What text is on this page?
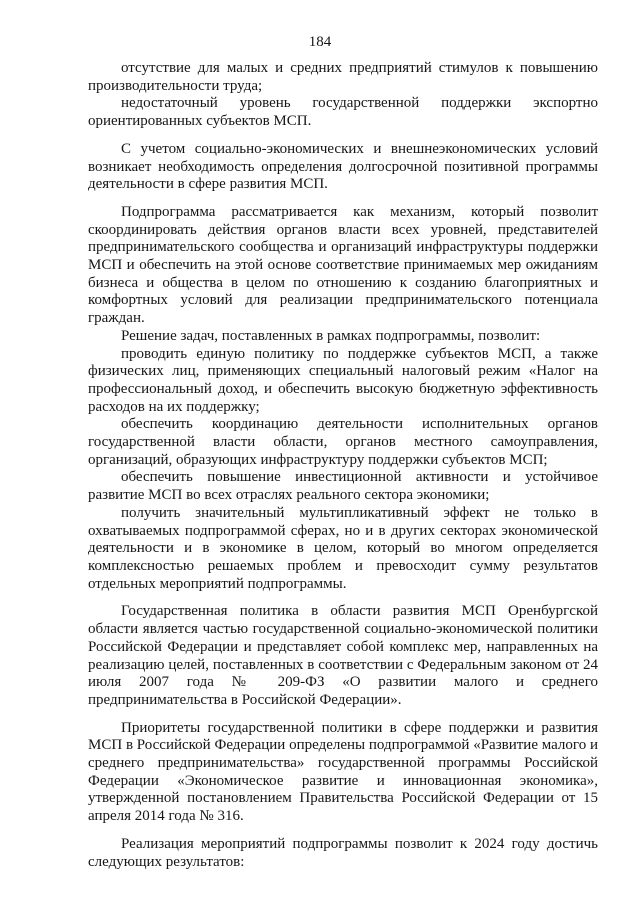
184

отсутствие для малых и средних предприятий стимулов к повышению производительности труда;

недостаточный уровень государственной поддержки экспортно ориентированных субъектов МСП.

С учетом социально-экономических и внешнеэкономических условий возникает необходимость определения долгосрочной позитивной программы деятельности в сфере развития МСП.

Подпрограмма рассматривается как механизм, который позволит скоординировать действия органов власти всех уровней, представителей предпринимательского сообщества и организаций инфраструктуры поддержки МСП и обеспечить на этой основе соответствие принимаемых мер ожиданиям бизнеса и общества в целом по отношению к созданию благоприятных и комфортных условий для реализации предпринимательского потенциала граждан.

Решение задач, поставленных в рамках подпрограммы, позволит:

проводить единую политику по поддержке субъектов МСП, а также физических лиц, применяющих специальный налоговый режим «Налог на профессиональный доход, и обеспечить высокую бюджетную эффективность расходов на их поддержку;

обеспечить координацию деятельности исполнительных органов государственной власти области, органов местного самоуправления, организаций, образующих инфраструктуру поддержки субъектов МСП;

обеспечить повышение инвестиционной активности и устойчивое развитие МСП во всех отраслях реального сектора экономики;

получить значительный мультипликативный эффект не только в охватываемых подпрограммой сферах, но и в других секторах экономической деятельности и в экономике в целом, который во многом определяется комплексностью решаемых проблем и превосходит сумму результатов отдельных мероприятий подпрограммы.

Государственная политика в области развития МСП Оренбургской области является частью государственной социально-экономической политики Российской Федерации и представляет собой комплекс мер, направленных на реализацию целей, поставленных в соответствии с Федеральным законом от 24 июля 2007 года № 209-ФЗ «О развитии малого и среднего предпринимательства в Российской Федерации».

Приоритеты государственной политики в сфере поддержки и развития МСП в Российской Федерации определены подпрограммой «Развитие малого и среднего предпринимательства» государственной программы Российской Федерации «Экономическое развитие и инновационная экономика», утвержденной постановлением Правительства Российской Федерации от 15 апреля 2014 года № 316.

Реализация мероприятий подпрограммы позволит к 2024 году достичь следующих результатов:
